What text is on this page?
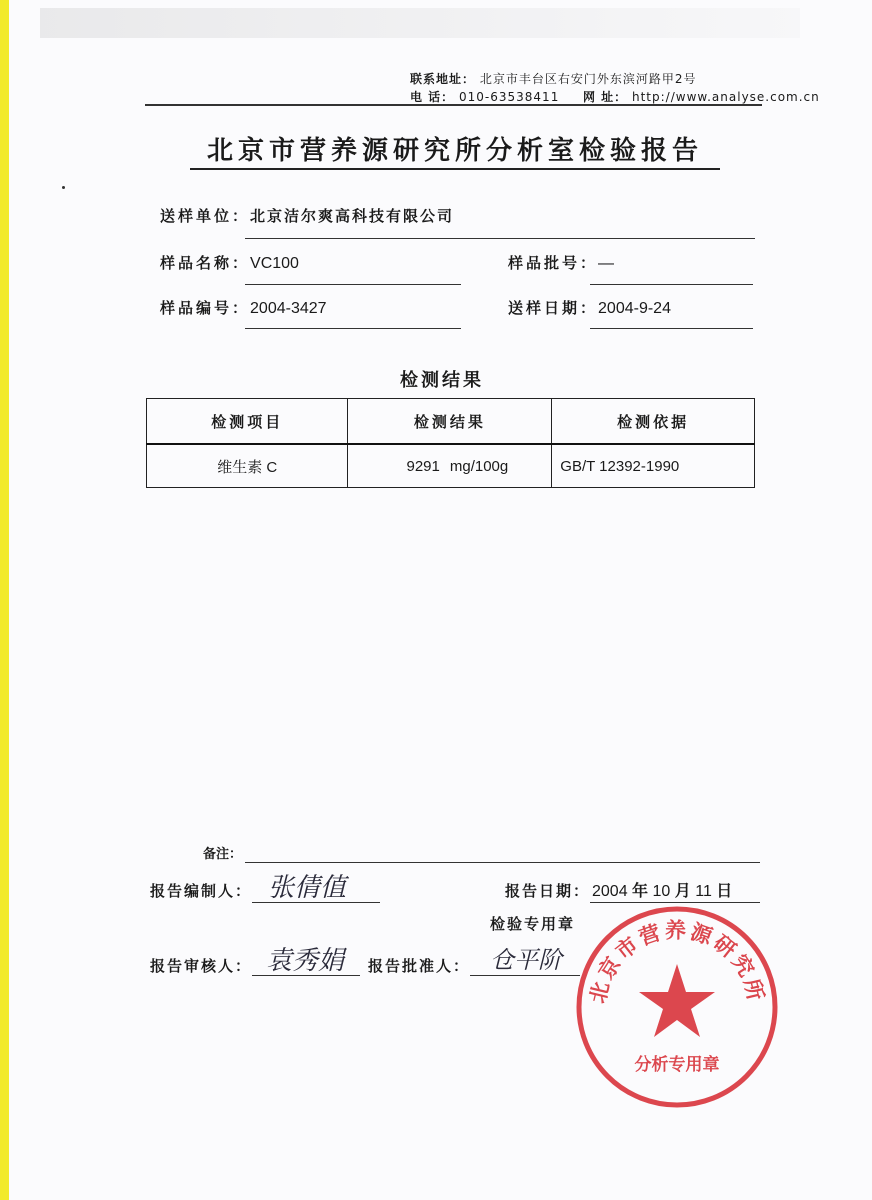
联系地址： 北京市丰台区右安门外东滨河路甲2号
电 话： 010-63538411 网 址： http://www.analyse.com.cn
北京市营养源研究所分析室检验报告
送样单位：北京洁尔爽高科技有限公司
样品名称：VC100	样品批号：—
样品编号：2004-3427	送样日期：2004-9-24
检测结果
检测项目	检测结果	检测依据
维生素 C	9291 mg/100g	GB/T 12392-1990
备注：
报告编制人： 张倩值	报告日期： 2004 年 10 月 11 日
检验专用章
报告审核人： 袁秀娟 报告批准人： 仓平阶
北京市营养源研究所
分析专用章
